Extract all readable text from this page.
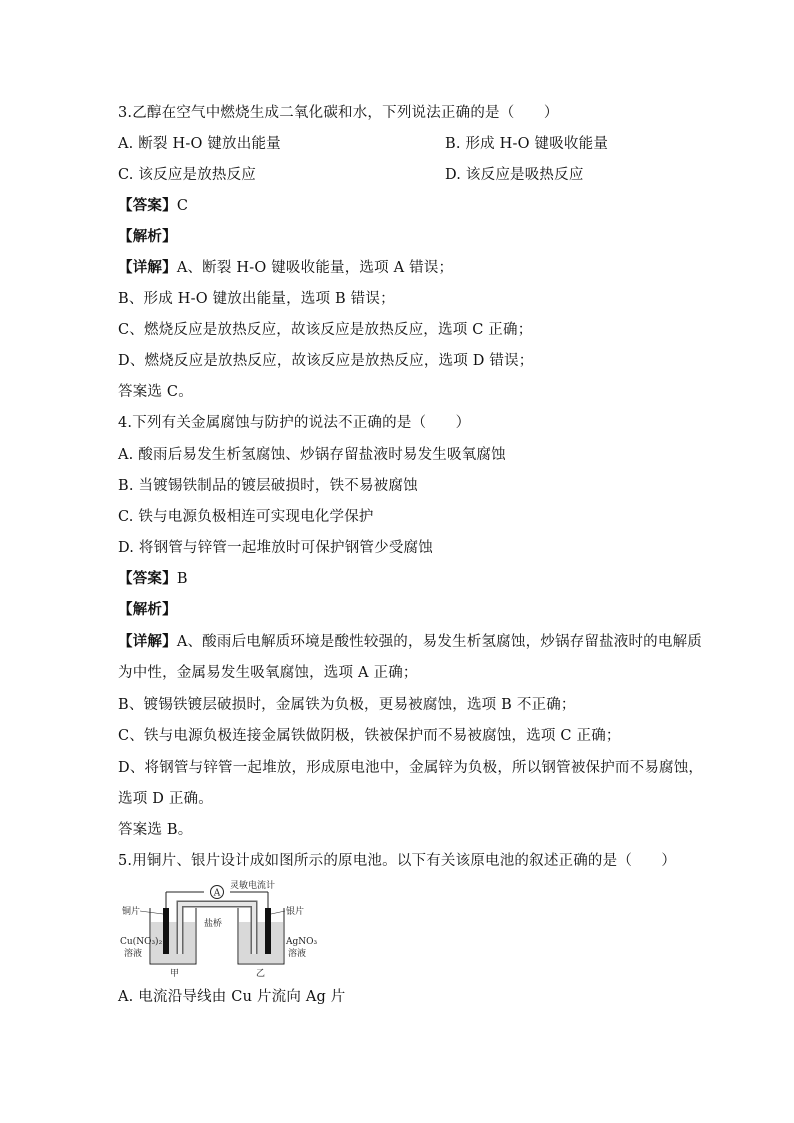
3.乙醇在空气中燃烧生成二氧化碳和水，下列说法正确的是（　　）
A. 断裂 H-O 键放出能量	B. 形成 H-O 键吸收能量
C. 该反应是放热反应	D. 该反应是吸热反应
【答案】C
【解析】
【详解】A、断裂 H-O 键吸收能量，选项 A 错误；
B、形成 H-O 键放出能量，选项 B 错误；
C、燃烧反应是放热反应，故该反应是放热反应，选项 C 正确；
D、燃烧反应是放热反应，故该反应是放热反应，选项 D 错误；
答案选 C。
4.下列有关金属腐蚀与防护的说法不正确的是（　　）
A. 酸雨后易发生析氢腐蚀、炒锅存留盐液时易发生吸氧腐蚀
B. 当镀锡铁制品的镀层破损时，铁不易被腐蚀
C. 铁与电源负极相连可实现电化学保护
D. 将钢管与锌管一起堆放时可保护钢管少受腐蚀
【答案】B
【解析】
【详解】A、酸雨后电解质环境是酸性较强的，易发生析氢腐蚀，炒锅存留盐液时的电解质
为中性，金属易发生吸氧腐蚀，选项 A 正确；
B、镀锡铁镀层破损时，金属铁为负极，更易被腐蚀，选项 B 不正确；
C、铁与电源负极连接金属铁做阴极，铁被保护而不易被腐蚀，选项 C 正确；
D、将钢管与锌管一起堆放，形成原电池中，金属锌为负极，所以钢管被保护而不易腐蚀，
选项 D 正确。
答案选 B。
5.用铜片、银片设计成如图所示的原电池。以下有关该原电池的叙述正确的是（　　）
A
灵敏电流计
铜片	银片
盐桥
Cu(NO₃)₂
溶液
AgNO₃
溶液
甲	乙
A. 电流沿导线由 Cu 片流向 Ag 片
